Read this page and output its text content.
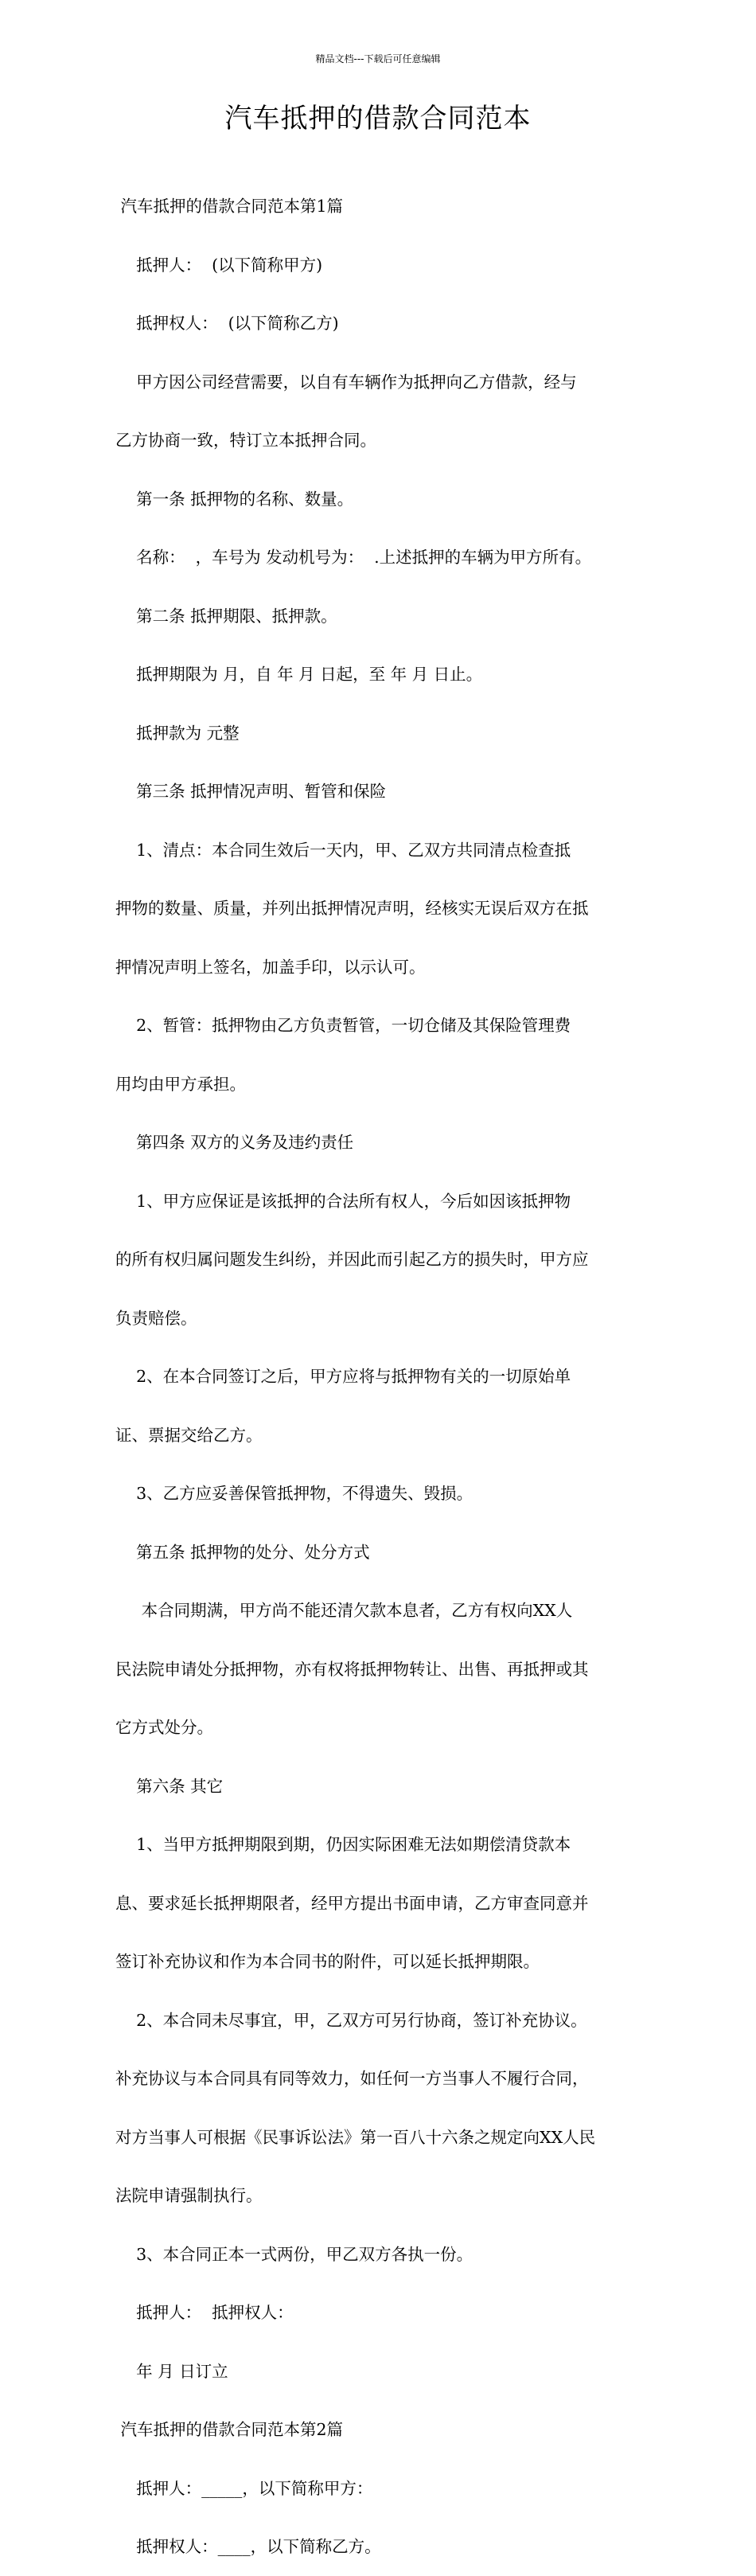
精品文档---下载后可任意编辑
汽车抵押的借款合同范本

汽车抵押的借款合同范本第1篇

抵押人：  (以下简称甲方)

抵押权人：  (以下简称乙方)

甲方因公司经营需要，以自有车辆作为抵押向乙方借款，经与

乙方协商一致，特订立本抵押合同。

第一条 抵押物的名称、数量。

名称：  ，车号为 发动机号为：  .上述抵押的车辆为甲方所有。

第二条 抵押期限、抵押款。

抵押期限为 月，自 年 月 日起，至 年 月 日止。

抵押款为 元整

第三条 抵押情况声明、暂管和保险

1、清点：本合同生效后一天内，甲、乙双方共同清点检查抵

押物的数量、质量，并列出抵押情况声明，经核实无误后双方在抵

押情况声明上签名，加盖手印，以示认可。

2、暂管：抵押物由乙方负责暂管，一切仓储及其保险管理费

用均由甲方承担。

第四条 双方的义务及违约责任

1、甲方应保证是该抵押的合法所有权人，今后如因该抵押物

的所有权归属问题发生纠纷，并因此而引起乙方的损失时，甲方应

负责赔偿。

2、在本合同签订之后，甲方应将与抵押物有关的一切原始单

证、票据交给乙方。

3、乙方应妥善保管抵押物，不得遗失、毁损。

第五条 抵押物的处分、处分方式

本合同期满，甲方尚不能还清欠款本息者，乙方有权向XX人

民法院申请处分抵押物，亦有权将抵押物转让、出售、再抵押或其

它方式处分。

第六条 其它

1、当甲方抵押期限到期，仍因实际困难无法如期偿清贷款本

息、要求延长抵押期限者，经甲方提出书面申请，乙方审查同意并

签订补充协议和作为本合同书的附件，可以延长抵押期限。

2、本合同未尽事宜，甲，乙双方可另行协商，签订补充协议。

补充协议与本合同具有同等效力，如任何一方当事人不履行合同，

对方当事人可根据《民事诉讼法》第一百八十六条之规定向XX人民

法院申请强制执行。

3、本合同正本一式两份，甲乙双方各执一份。

抵押人：  抵押权人：

年 月 日订立

汽车抵押的借款合同范本第2篇

抵押人：_____，以下简称甲方：

抵押权人：____，以下简称乙方。
